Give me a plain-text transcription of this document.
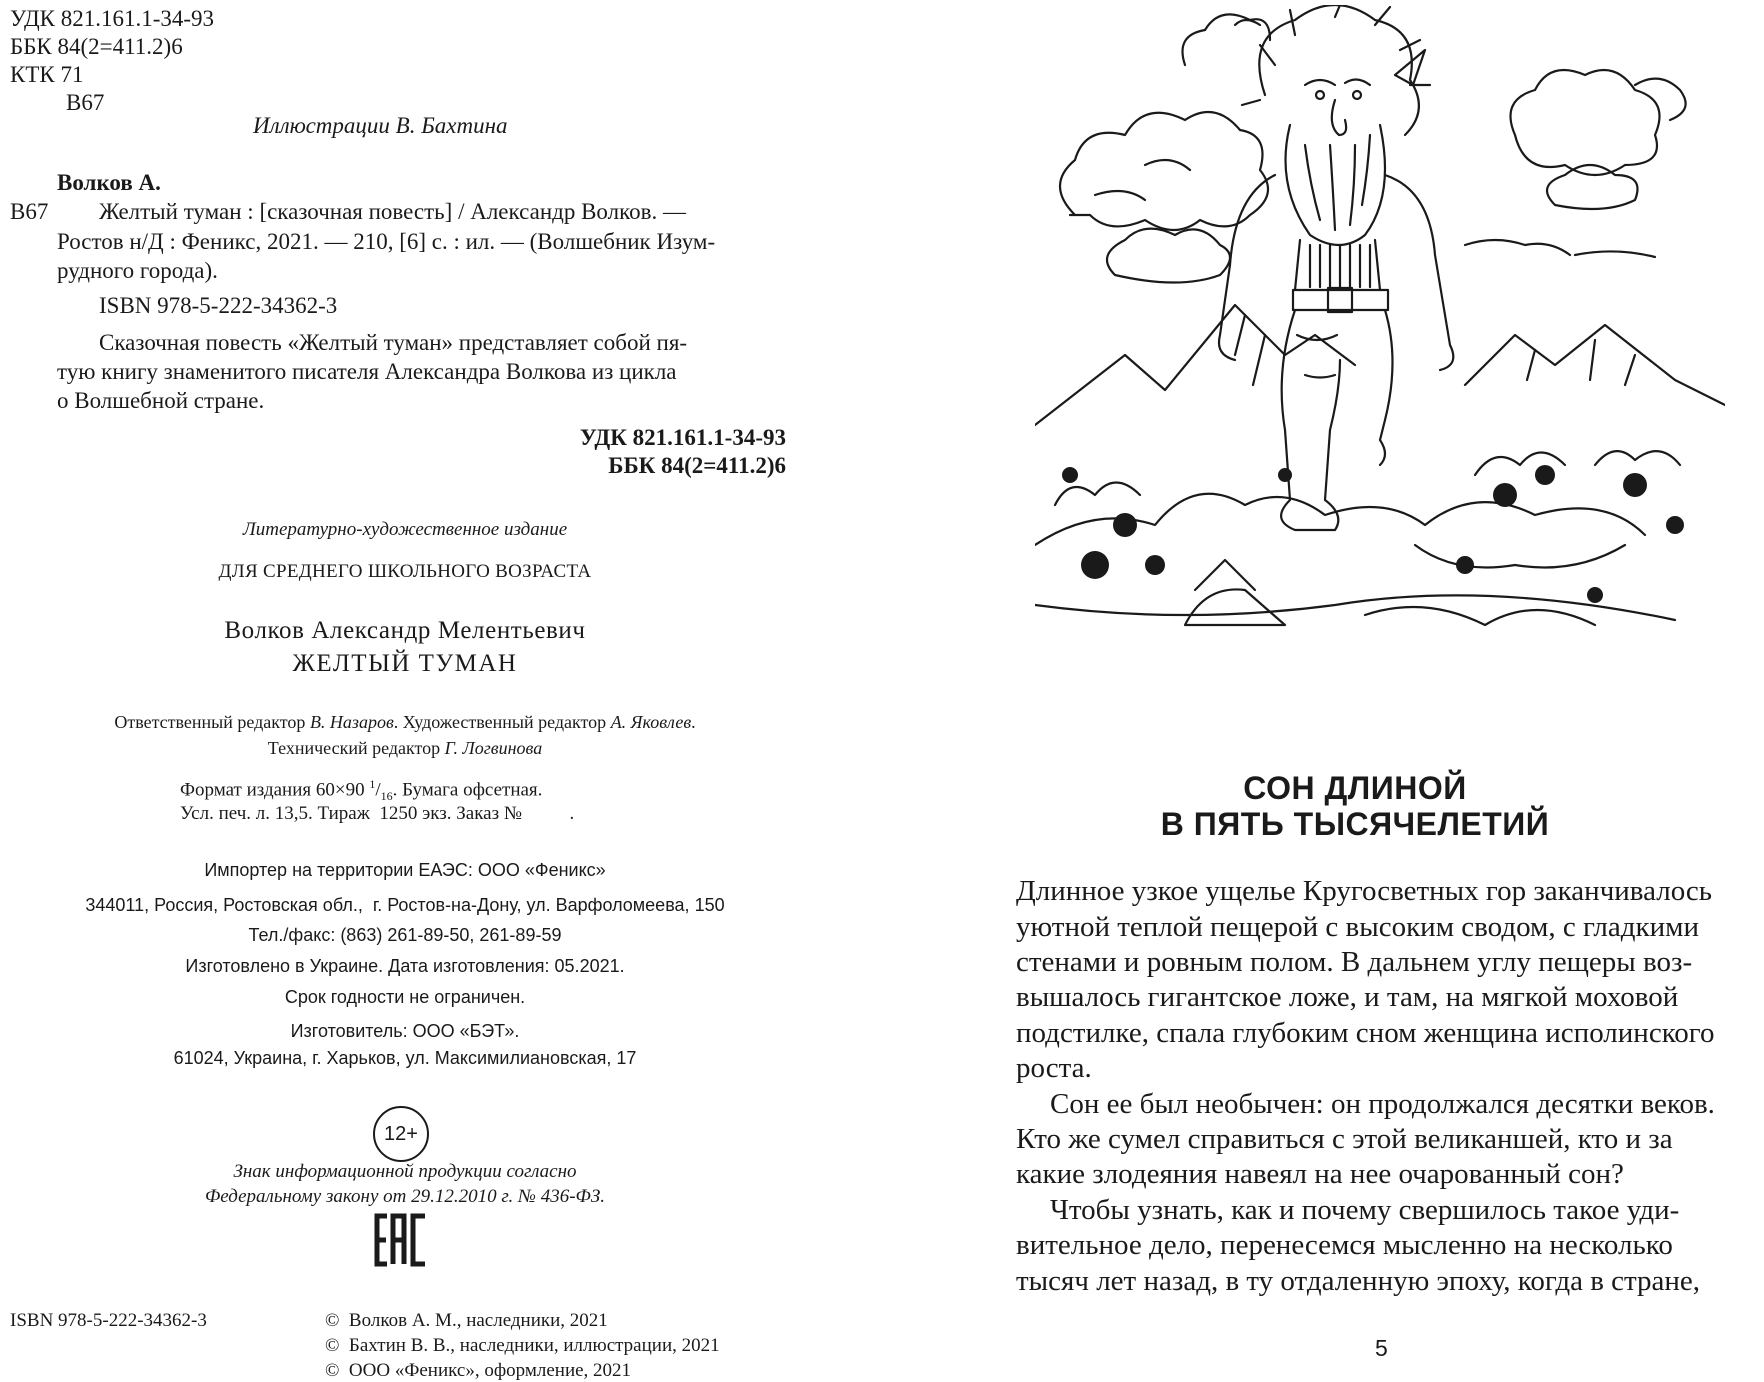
УДК 821.161.1-34-93
ББК 84(2=411.2)6
КТК 71
В67
Иллюстрации В. Бахтина
Волков А.
В67 Желтый туман : [сказочная повесть] / Александр Волков. —
Ростов н/Д : Феникс, 2021. — 210, [6] с. : ил. — (Волшебник Изум-
рудного города).
ISBN 978-5-222-34362-3
Сказочная повесть «Желтый туман» представляет собой пя-
тую книгу знаменитого писателя Александра Волкова из цикла
о Волшебной стране.
УДК 821.161.1-34-93
ББК 84(2=411.2)6
Литературно-художественное издание
ДЛЯ СРЕДНЕГО ШКОЛЬНОГО ВОЗРАСТА
Волков Александр Мелентьевич
ЖЕЛТЫЙ ТУМАН
Ответственный редактор В. Назаров. Художественный редактор А. Яковлев.
Технический редактор Г. Логвинова
Формат издания 60×90 $^1/_{16}$. Бумага офсетная.
Усл. печ. л. 13,5. Тираж  1250 экз. Заказ №          .
Импортер на территории ЕАЭС: ООО «Феникс»
344011, Россия, Ростовская обл.,  г. Ростов-на-Дону, ул. Варфоломеева, 150
Тел./факс: (863) 261-89-50, 261-89-59
Изготовлено в Украине. Дата изготовления: 05.2021.
Срок годности не ограничен.
Изготовитель: ООО «БЭТ».
61024, Украина, г. Харьков, ул. Максимилиановская, 17
12+
Знак информационной продукции согласно
Федеральному закону от 29.12.2010 г. № 436-ФЗ.
ISBN 978-5-222-34362-3	©  Волков А. М., наследники, 2021
©  Бахтин В. В., наследники, иллюстрации, 2021
©  ООО «Феникс», оформление, 2021
СОН ДЛИНОЙ
В ПЯТЬ ТЫСЯЧЕЛЕТИЙ
Длинное узкое ущелье Кругосветных гор заканчивалось
уютной теплой пещерой с высоким сводом, с гладкими
стенами и ровным полом. В дальнем углу пещеры воз-
вышалось гигантское ложе, и там, на мягкой моховой
подстилке, спала глубоким сном женщина исполинского
роста.
Сон ее был необычен: он продолжался десятки веков.
Кто же сумел справиться с этой великаншей, кто и за
какие злодеяния навеял на нее очарованный сон?
Чтобы узнать, как и почему свершилось такое уди-
вительное дело, перенесемся мысленно на несколько
тысяч лет назад, в ту отдаленную эпоху, когда в стране,
5
